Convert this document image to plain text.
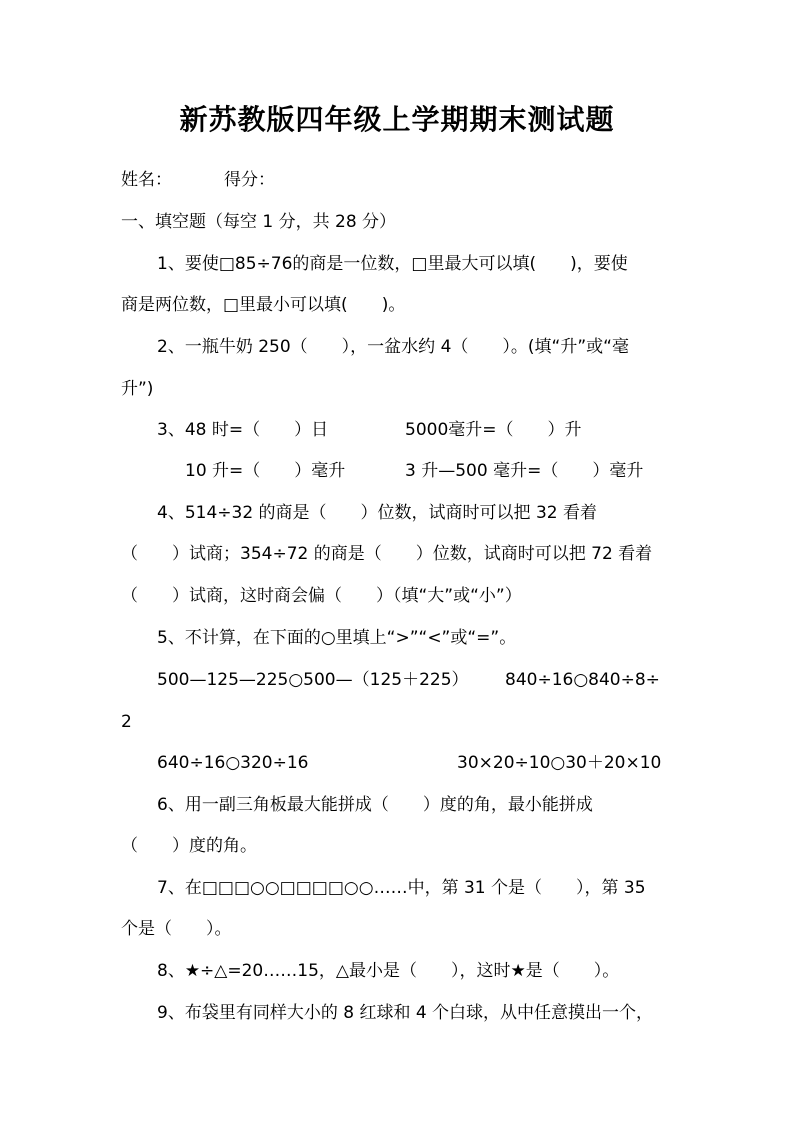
新苏教版四年级上学期期末测试题
姓名：	得分：
一、填空题（每空 1 分，共 28 分）
1、要使□85÷76的商是一位数，□里最大可以填(　　)，要使
商是两位数，□里最小可以填(　　)。
2、一瓶牛奶 250（　　），一盆水约 4（　　）。(填“升”或“毫
升”)
3、48 时=（　　）日	5000毫升=（　　）升
10 升=（　　）毫升	3 升—500 毫升=（　　）毫升
4、514÷32 的商是（　　）位数，试商时可以把 32 看着
（　　）试商；354÷72 的商是（　　）位数，试商时可以把 72 看着
（　　）试商，这时商会偏（　　）（填“大”或“小”）
5、不计算，在下面的○里填上“>”“<”或“=”。
500—125—225○500—（125＋225） 840÷16○840÷8÷
2
640÷16○320÷16	30×20÷10○30＋20×10
6、用一副三角板最大能拼成（　　）度的角，最小能拼成
（　　）度的角。
7、在□□□○○□□□□○○……中，第 31 个是（　　），第 35
个是（　　）。
8、★÷△=20……15，△最小是（　　），这时★是（　　）。
9、布袋里有同样大小的 8 红球和 4 个白球，从中任意摸出一个，
